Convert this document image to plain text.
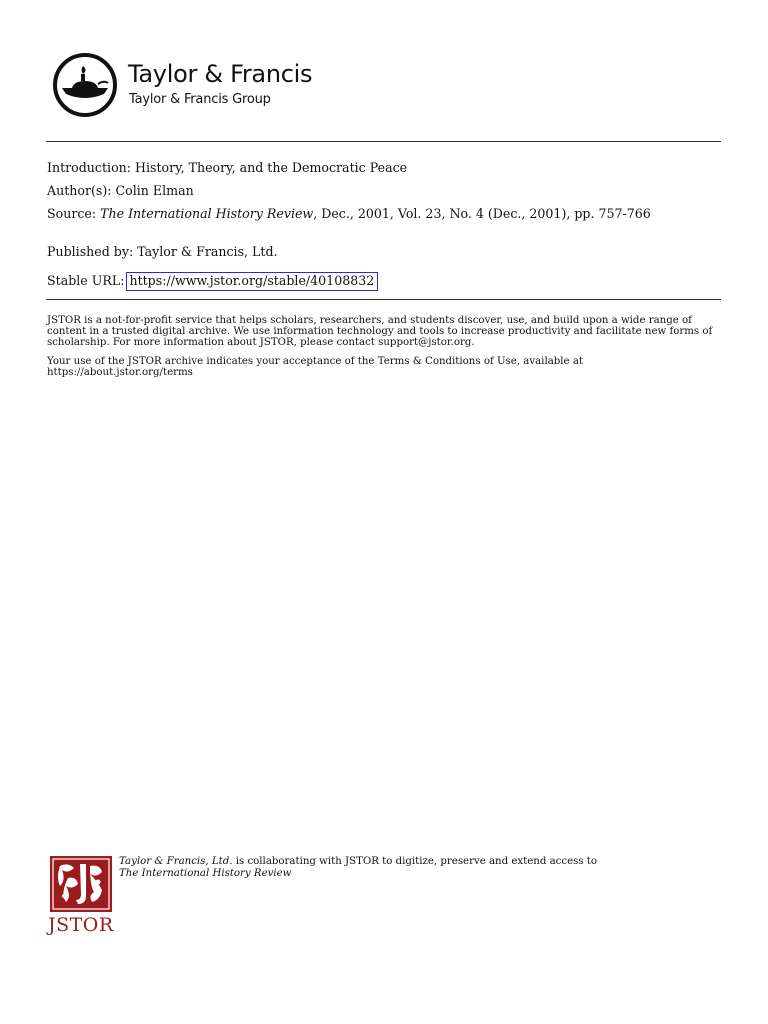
Taylor & Francis
Taylor & Francis Group
Introduction: History, Theory, and the Democratic Peace
Author(s): Colin Elman
Source: The International History Review, Dec., 2001, Vol. 23, No. 4 (Dec., 2001), pp. 757-766
Published by: Taylor & Francis, Ltd.
Stable URL: https://www.jstor.org/stable/40108832
JSTOR is a not-for-profit service that helps scholars, researchers, and students discover, use, and build upon a wide range of content in a trusted digital archive. We use information technology and tools to increase productivity and facilitate new forms of scholarship. For more information about JSTOR, please contact support@jstor.org.
Your use of the JSTOR archive indicates your acceptance of the Terms & Conditions of Use, available at https://about.jstor.org/terms
JSTOR
Taylor & Francis, Ltd. is collaborating with JSTOR to digitize, preserve and extend access to
The International History Review
